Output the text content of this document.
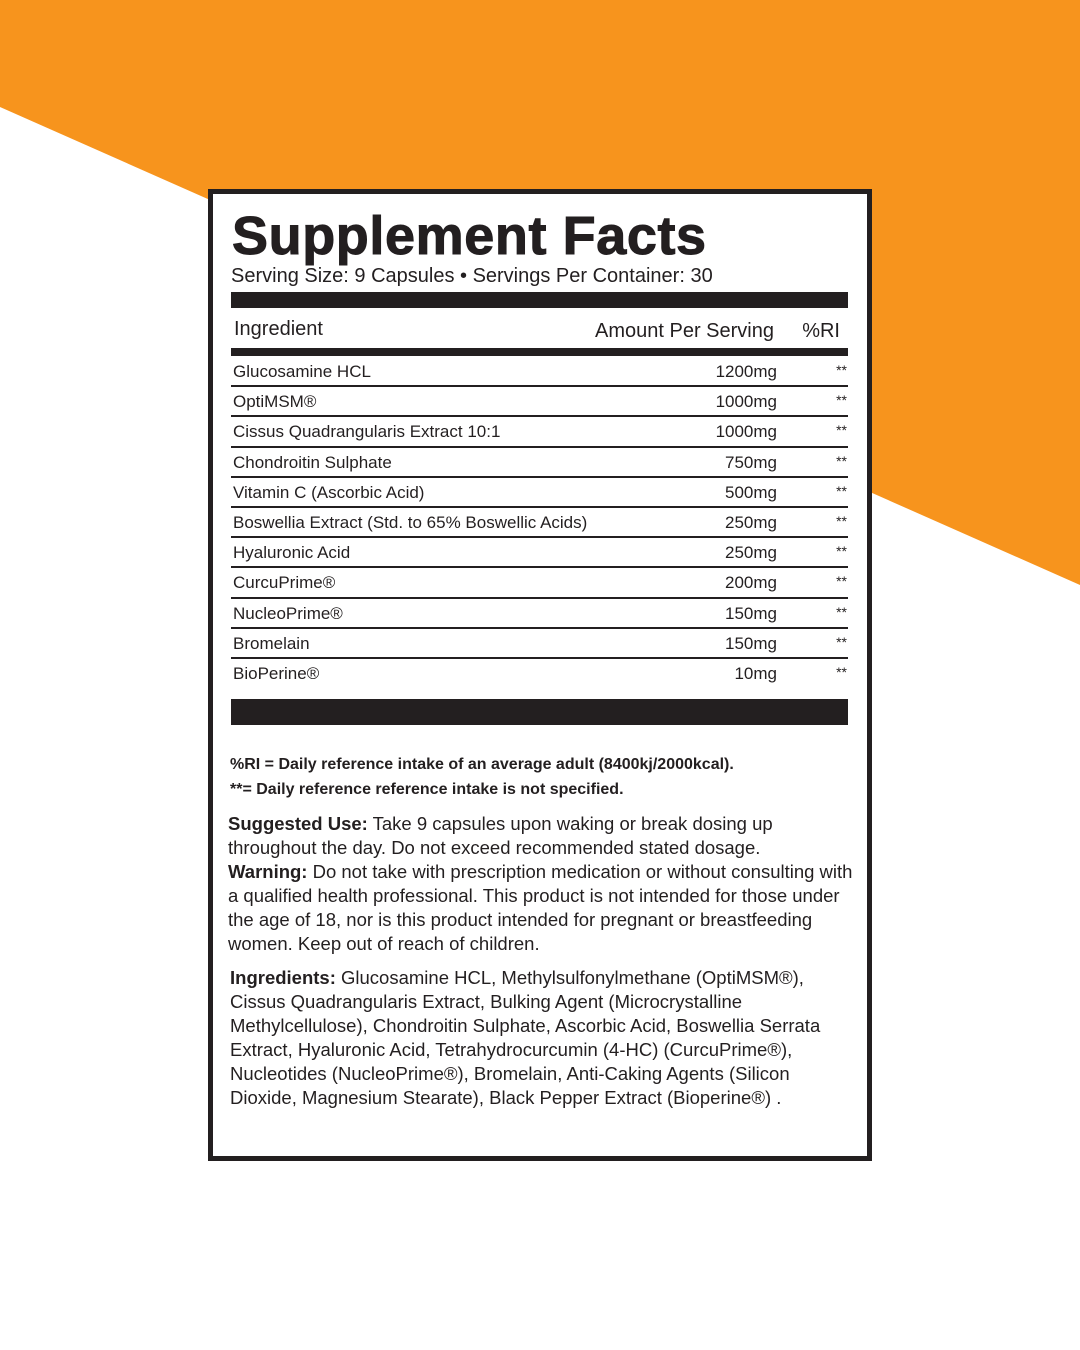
Supplement Facts
Serving Size: 9 Capsules • Servings Per Container: 30
Ingredient	Amount Per Serving %RI
Glucosamine HCL	1200mg	**
OptiMSM®	1000mg	**
Cissus Quadrangularis Extract 10:1	1000mg	**
Chondroitin Sulphate	750mg	**
Vitamin C (Ascorbic Acid)	500mg	**
Boswellia Extract (Std. to 65% Boswellic Acids)	250mg	**
Hyaluronic Acid	250mg	**
CurcuPrime®	200mg	**
NucleoPrime®	150mg	**
Bromelain	150mg	**
BioPerine®	10mg	**
%RI = Daily reference intake of an average adult (8400kj/2000kcal).
**= Daily reference reference intake is not specified.

Suggested Use: Take 9 capsules upon waking or break dosing up throughout the day. Do not exceed recommended stated dosage.
Warning: Do not take with prescription medication or without consulting with a qualified health professional. This product is not intended for those under the age of 18, nor is this product intended for pregnant or breastfeeding women. Keep out of reach of children.

Ingredients: Glucosamine HCL, Methylsulfonylmethane (OptiMSM®), Cissus Quadrangularis Extract, Bulking Agent (Microcrystalline Methylcellulose), Chondroitin Sulphate, Ascorbic Acid, Boswellia Serrata Extract, Hyaluronic Acid, Tetrahydrocurcumin (4-HC) (CurcuPrime®), Nucleotides (NucleoPrime®), Bromelain, Anti-Caking Agents (Silicon Dioxide, Magnesium Stearate), Black Pepper Extract (Bioperine®) .
